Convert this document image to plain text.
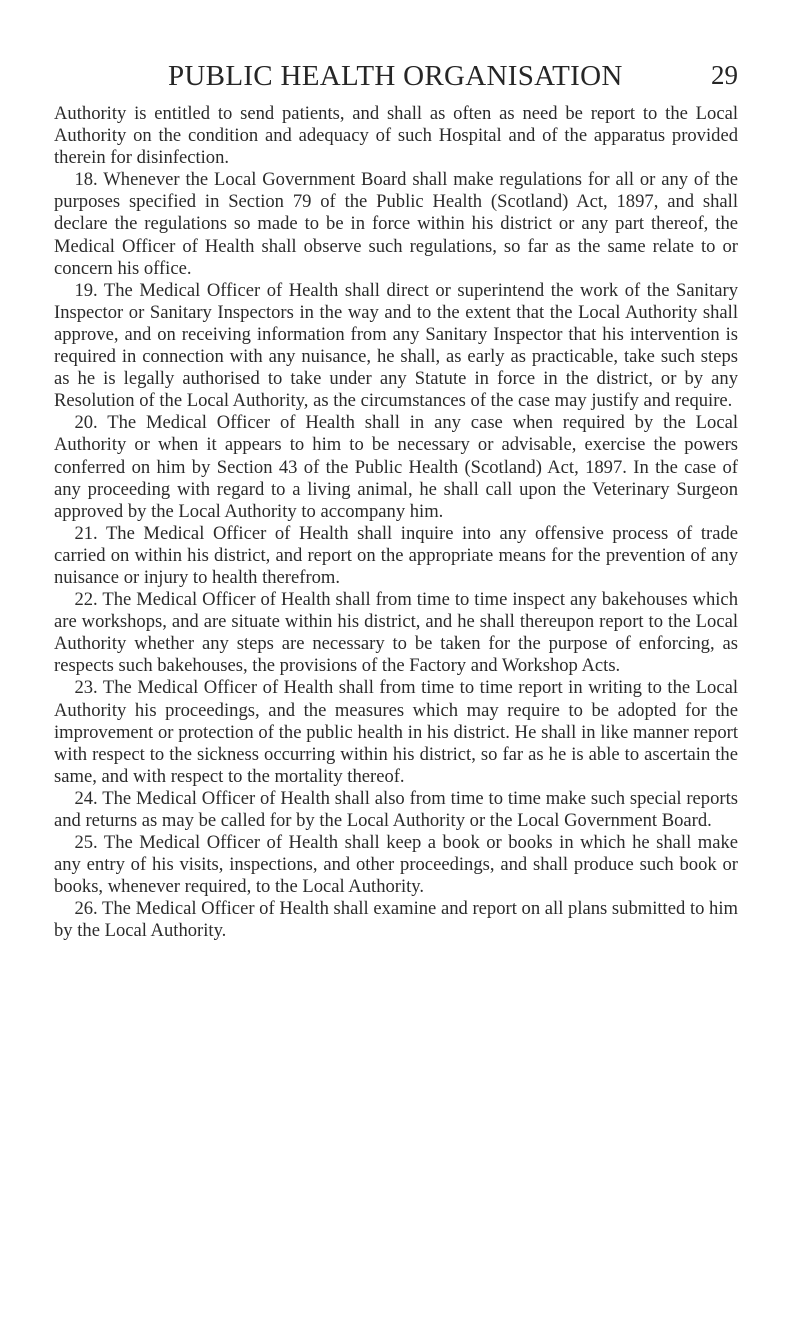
PUBLIC HEALTH ORGANISATION	29

Authority is entitled to send patients, and shall as often as need be report to the Local Authority on the condition and adequacy of such Hospital and of the apparatus provided therein for disinfection.

18. Whenever the Local Government Board shall make regulations for all or any of the purposes specified in Section 79 of the Public Health (Scotland) Act, 1897, and shall declare the regulations so made to be in force within his district or any part thereof, the Medical Officer of Health shall observe such regulations, so far as the same relate to or concern his office.

19. The Medical Officer of Health shall direct or superintend the work of the Sanitary Inspector or Sanitary Inspectors in the way and to the extent that the Local Authority shall approve, and on receiving information from any Sanitary Inspector that his intervention is required in connection with any nuisance, he shall, as early as practicable, take such steps as he is legally authorised to take under any Statute in force in the district, or by any Resolution of the Local Authority, as the circumstances of the case may justify and require.

20. The Medical Officer of Health shall in any case when required by the Local Authority or when it appears to him to be necessary or advisable, exercise the powers conferred on him by Section 43 of the Public Health (Scotland) Act, 1897. In the case of any proceeding with regard to a living animal, he shall call upon the Veterinary Surgeon approved by the Local Authority to accompany him.

21. The Medical Officer of Health shall inquire into any offensive process of trade carried on within his district, and report on the appropriate means for the prevention of any nuisance or injury to health therefrom.

22. The Medical Officer of Health shall from time to time inspect any bakehouses which are workshops, and are situate within his district, and he shall thereupon report to the Local Authority whether any steps are necessary to be taken for the purpose of enforcing, as respects such bakehouses, the provisions of the Factory and Workshop Acts.

23. The Medical Officer of Health shall from time to time report in writing to the Local Authority his proceedings, and the measures which may require to be adopted for the improvement or protection of the public health in his district. He shall in like manner report with respect to the sickness occurring within his district, so far as he is able to ascertain the same, and with respect to the mortality thereof.

24. The Medical Officer of Health shall also from time to time make such special reports and returns as may be called for by the Local Authority or the Local Government Board.

25. The Medical Officer of Health shall keep a book or books in which he shall make any entry of his visits, inspections, and other proceedings, and shall produce such book or books, whenever required, to the Local Authority.

26. The Medical Officer of Health shall examine and report on all plans submitted to him by the Local Authority.
